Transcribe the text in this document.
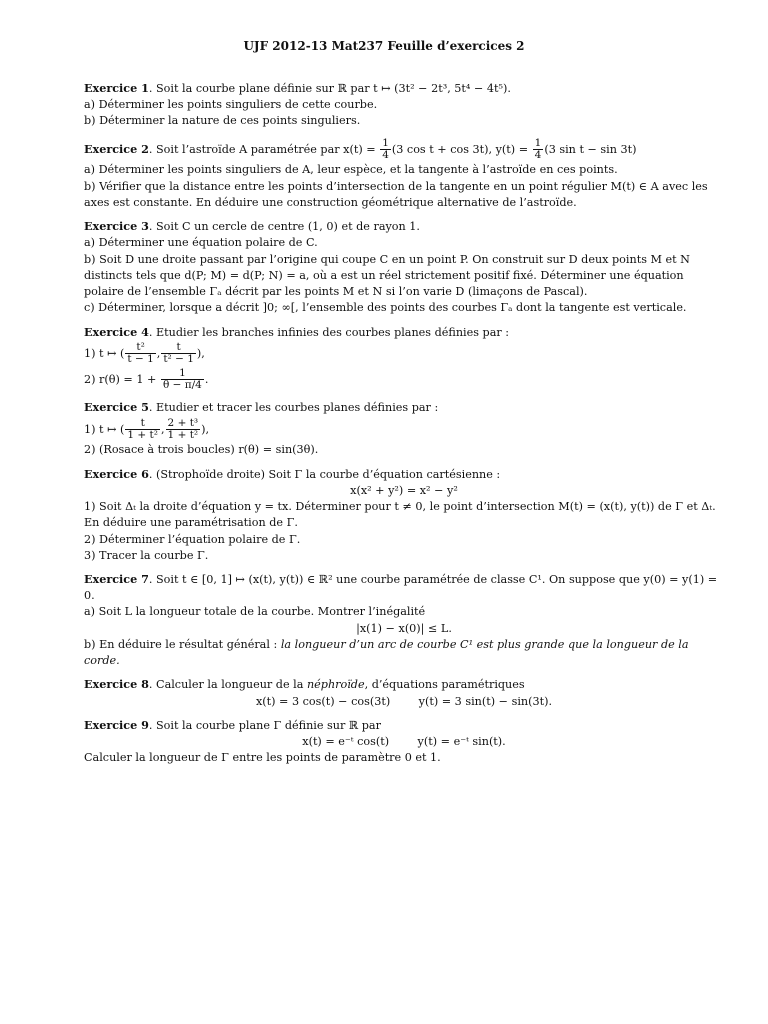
UJF 2012-13 Mat237 Feuille d’exercices 2

Exercice 1. Soit la courbe plane définie sur ℝ par t ↦ (3t² − 2t³, 5t⁴ − 4t⁵).

a) Déterminer les points singuliers de cette courbe.

b) Déterminer la nature de ces points singuliers.

Exercice 2. Soit l’astroïde A paramétrée par $x(t) = \frac{1}{4} (3$ cos t + cos 3t), $y(t) = \frac{1}{4} (3$ sin t − sin 3t)

a) Déterminer les points singuliers de A, leur espèce, et la tangente à l’astroïde en ces points.

b) Vérifier que la distance entre les points d’intersection de la tangente en un point régulier M(t) ∈ A avec les axes est constante. En déduire une construction géométrique alternative de l’astroïde.

Exercice 3. Soit C un cercle de centre (1, 0) et de rayon 1.

a) Déterminer une équation polaire de C.

b) Soit D une droite passant par l’origine qui coupe C en un point P. On construit sur D deux points M et N distincts tels que d(P; M) = d(P; N) = a, où a est un réel strictement positif fixé. Déterminer une équation polaire de l’ensemble Γₐ décrit par les points M et N si l’on varie D (limaçons de Pascal).

c) Déterminer, lorsque a décrit ]0; ∞[, l’ensemble des points des courbes Γₐ dont la tangente est verticale.

Exercice 4. Etudier les branches infinies des courbes planes définies par :

1) t ↦ ( $\frac{\text{t²}}{t - 1}$ , $\frac{t}{\text{t² − 1}}$ ),

2) $r(\theta) = 1 + \frac{1}{\theta - \pi/4}$ .

Exercice 5. Etudier et tracer les courbes planes définies par :

1) t ↦ ( $\frac{t}{\text{1 + t²}}$ , $\frac{\text{2 + t³}}{\text{1 + t²}}$ ),

2) (Rosace à trois boucles) r(θ) = sin(3θ).

Exercice 6. (Strophoïde droite) Soit Γ la courbe d’équation cartésienne :

x(x² + y²) = x² − y²

1) Soit Δₜ la droite d’équation y = tx. Déterminer pour t ≠ 0, le point d’intersection M(t) = (x(t), y(t)) de Γ et Δₜ. En déduire une paramétrisation de Γ.

2) Déterminer l’équation polaire de Γ.

3) Tracer la courbe Γ.

Exercice 7. Soit t ∈ [0, 1] ↦ (x(t), y(t)) ∈ ℝ² une courbe paramétrée de classe C¹. On suppose que y(0) = y(1) = 0.

a) Soit L la longueur totale de la courbe. Montrer l’inégalité

|x(1) − x(0)| ≤ L.

b) En déduire le résultat général : la longueur d’un arc de courbe C¹ est plus grande que la longueur de la corde.

Exercice 8. Calculer la longueur de la néphroïde, d’équations paramétriques

x(t) = 3 cos(t) − cos(3t)        y(t) = 3 sin(t) − sin(3t).

Exercice 9. Soit la courbe plane Γ définie sur ℝ par

x(t) = e⁻ᵗ cos(t)        y(t) = e⁻ᵗ sin(t).

Calculer la longueur de Γ entre les points de paramètre 0 et 1.
